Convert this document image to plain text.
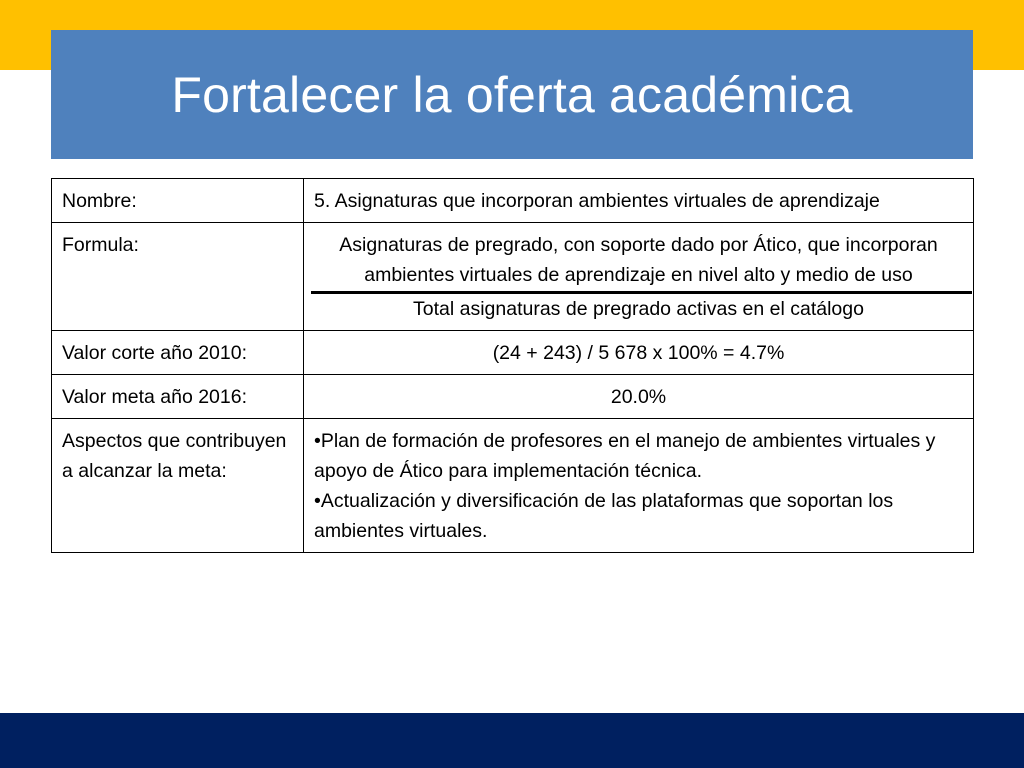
Fortalecer la oferta académica
Nombre:	5. Asignaturas que incorporan ambientes virtuales de aprendizaje
Formula:	Asignaturas de pregrado, con soporte dado por Ático, que incorporan ambientes virtuales de aprendizaje en nivel alto y medio de uso
Total asignaturas de pregrado activas en el catálogo

Valor corte año 2010:	(24 + 243) / 5 678 x 100% = 4.7%
Valor meta año 2016:	20.0%
Aspectos que contribuyen a alcanzar la meta:	•Plan de formación de profesores en el manejo de ambientes virtuales y apoyo de Ático para implementación técnica.
•Actualización y diversificación de las plataformas que soportan los ambientes virtuales.
